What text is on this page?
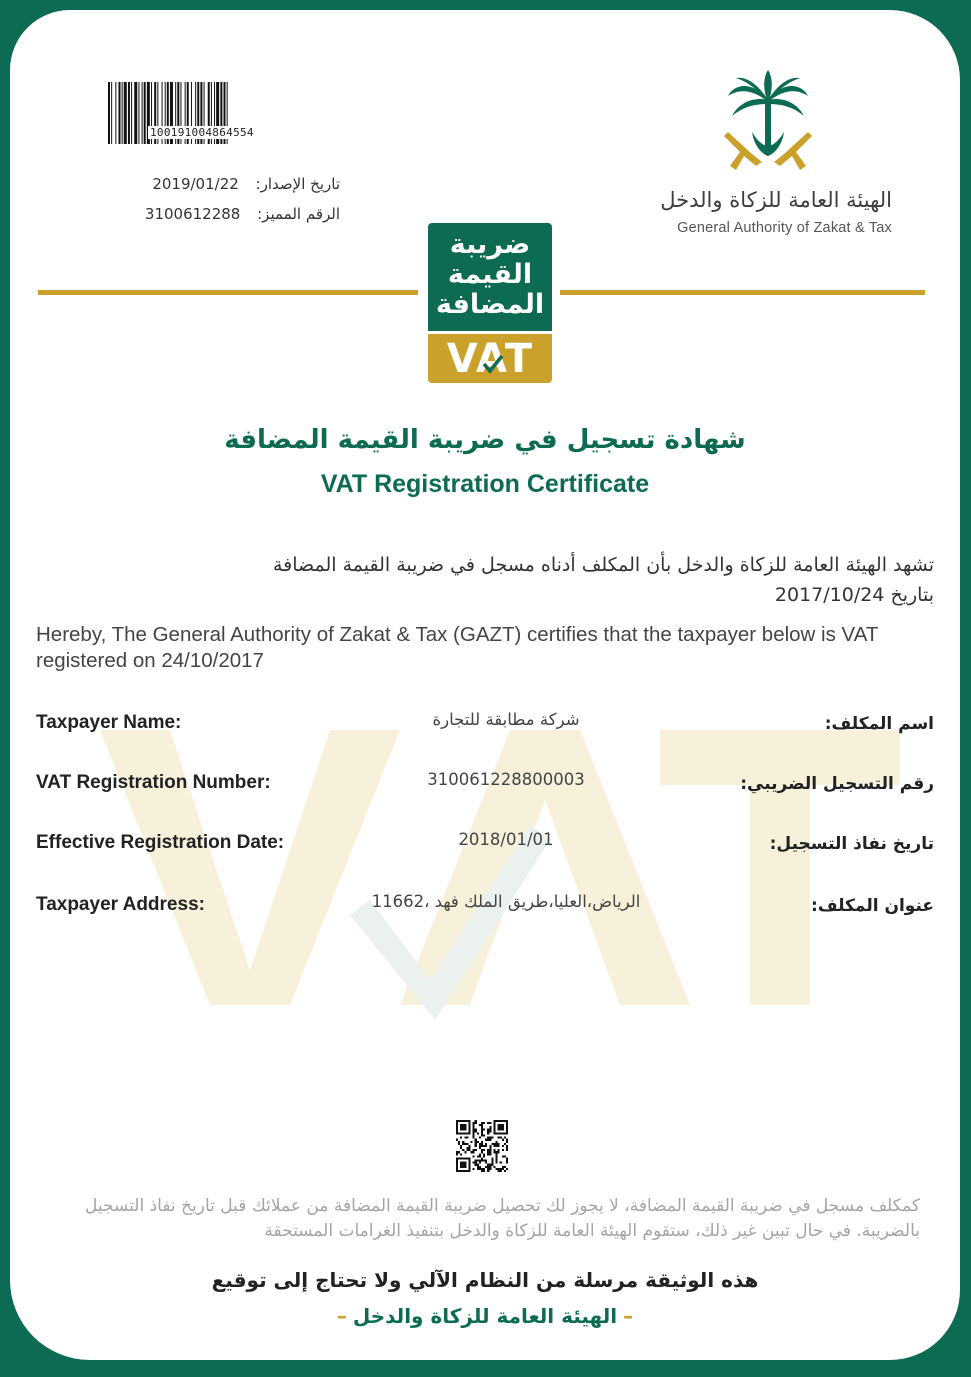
100191004864554
تاريخ الإصدار: 2019/01/22
الرقم المميز: 3100612288
الهيئة العامة للزكاة والدخل
General Authority of Zakat & Tax
ضريبة
القيمة
المضافة
VAT
شهادة تسجيل في ضريبة القيمة المضافة
VAT Registration Certificate
تشهد الهيئة العامة للزكاة والدخل بأن المكلف أدناه مسجل في ضريبة القيمة المضافة
بتاريخ 2017/10/24
Hereby, The General Authority of Zakat & Tax (GAZT) certifies that the taxpayer below is VAT registered on 24/10/2017
Taxpayer Name:	شركة مطابقة للتجارة	اسم المكلف:
VAT Registration Number:	310061228800003	رقم التسجيل الضريبي:
Effective Registration Date:	2018/01/01	تاريخ نفاذ التسجيل:
Taxpayer Address:	الرياض،العليا،طريق الملك فهد ،11662	عنوان المكلف:
كمكلف مسجل في ضريبة القيمة المضافة، لا يجوز لك تحصيل ضريبة القيمة المضافة من عملائك قبل تاريخ نفاذ التسجيل بالضريبة. في حال تبين غير ذلك، ستقوم الهيئة العامة للزكاة والدخل بتنفيذ الغرامات المستحقة
هذه الوثيقة مرسلة من النظام الآلي ولا تحتاج إلى توقيع
–الهيئة العامة للزكاة والدخل–
